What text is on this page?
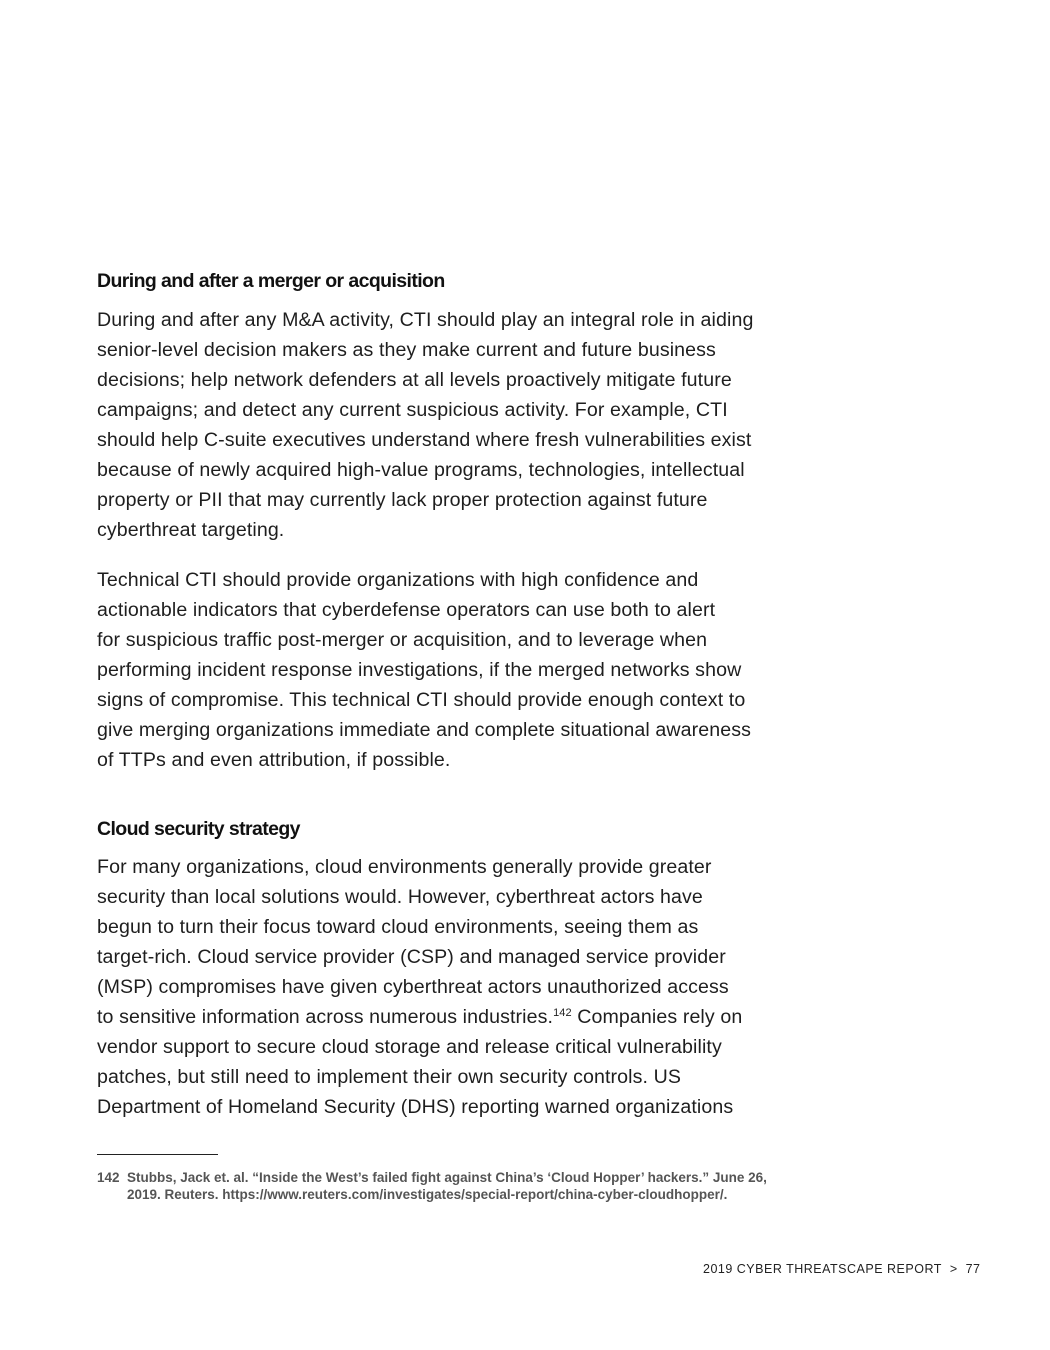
During and after a merger or acquisition
During and after any M&A activity, CTI should play an integral role in aiding
senior-level decision makers as they make current and future business
decisions; help network defenders at all levels proactively mitigate future
campaigns; and detect any current suspicious activity. For example, CTI
should help C-suite executives understand where fresh vulnerabilities exist
because of newly acquired high-value programs, technologies, intellectual
property or PII that may currently lack proper protection against future
cyberthreat targeting.
Technical CTI should provide organizations with high confidence and
actionable indicators that cyberdefense operators can use both to alert
for suspicious traffic post-merger or acquisition, and to leverage when
performing incident response investigations, if the merged networks show
signs of compromise. This technical CTI should provide enough context to
give merging organizations immediate and complete situational awareness
of TTPs and even attribution, if possible.
Cloud security strategy
For many organizations, cloud environments generally provide greater
security than local solutions would. However, cyberthreat actors have
begun to turn their focus toward cloud environments, seeing them as
target-rich. Cloud service provider (CSP) and managed service provider
(MSP) compromises have given cyberthreat actors unauthorized access
to sensitive information across numerous industries.$^{142}$ Companies rely on
vendor support to secure cloud storage and release critical vulnerability
patches, but still need to implement their own security controls. US
Department of Homeland Security (DHS) reporting warned organizations
142 Stubbs, Jack et. al. “Inside the West’s failed fight against China’s ‘Cloud Hopper’ hackers.” June 26,
2019. Reuters. https://www.reuters.com/investigates/special-report/china-cyber-cloudhopper/.
2019 CYBER THREATSCAPE REPORT > 77
